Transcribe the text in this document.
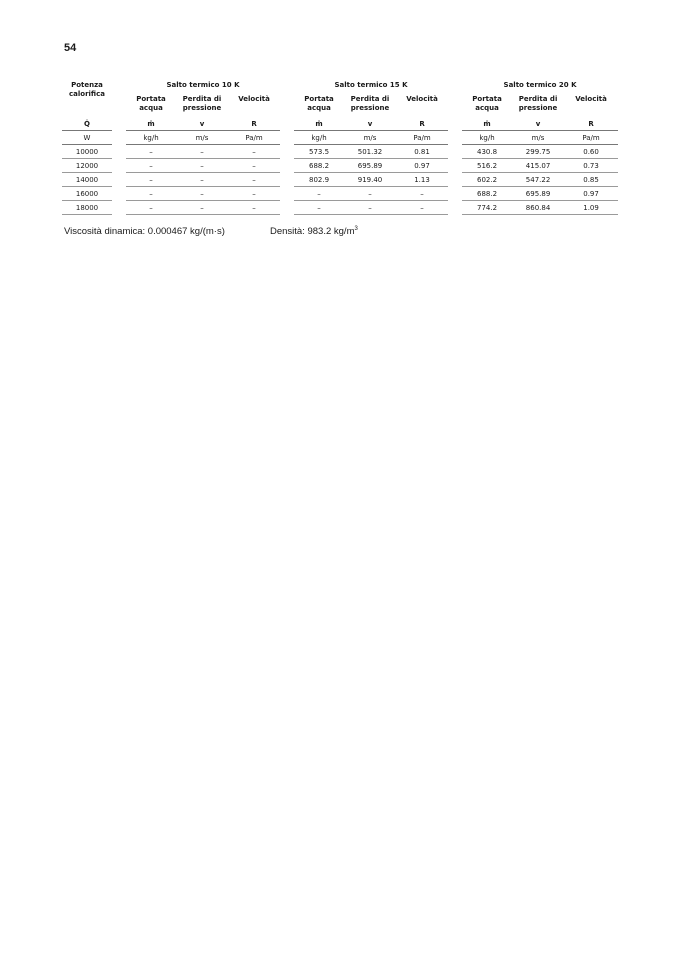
54
Potenza calorifica		Salto termico 10 K				Salto termico 15 K				Salto termico 20 K		
		Portata acqua	Perdita di pressione	Velocità		Portata acqua	Perdita di pressione	Velocità		Portata acqua	Perdita di pressione	Velocità
Q̇		ṁ	v	R		ṁ	v	R		ṁ	v	R
W		kg/h	m/s	Pa/m		kg/h	m/s	Pa/m		kg/h	m/s	Pa/m
10000		–	–	–		573.5	501.32	0.81		430.8	299.75	0.60
12000		–	–	–		688.2	695.89	0.97		516.2	415.07	0.73
14000		–	–	–		802.9	919.40	1.13		602.2	547.22	0.85
16000		–	–	–		–	–	–		688.2	695.89	0.97
18000		–	–	–		–	–	–		774.2	860.84	1.09
Viscosità dinamica: 0.000467 kg/(m·s)	Densità: 983.2 $kg/m^3$
